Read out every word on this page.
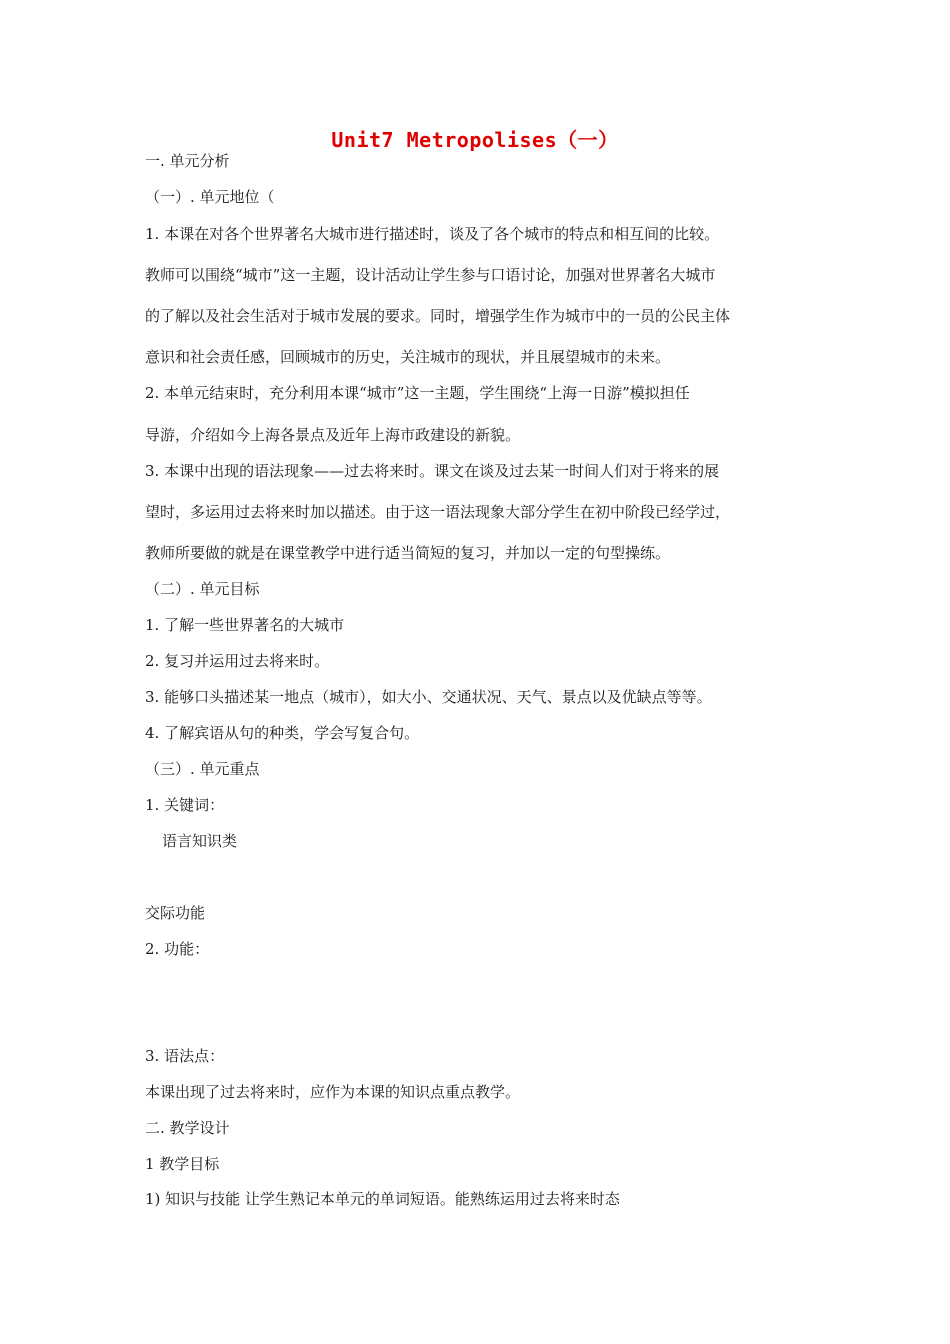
Unit7 Metropolises（一）
一. 单元分析
（一）. 单元地位（
1. 本课在对各个世界著名大城市进行描述时，谈及了各个城市的特点和相互间的比较。
教师可以围绕“城市”这一主题，设计活动让学生参与口语讨论，加强对世界著名大城市
的了解以及社会生活对于城市发展的要求。同时，增强学生作为城市中的一员的公民主体
意识和社会责任感，回顾城市的历史，关注城市的现状，并且展望城市的未来。
2. 本单元结束时，充分利用本课“城市”这一主题，学生围绕“上海一日游”模拟担任
导游，介绍如今上海各景点及近年上海市政建设的新貌。
3. 本课中出现的语法现象——过去将来时。课文在谈及过去某一时间人们对于将来的展
望时，多运用过去将来时加以描述。由于这一语法现象大部分学生在初中阶段已经学过，
教师所要做的就是在课堂教学中进行适当简短的复习，并加以一定的句型操练。
（二）. 单元目标
1. 了解一些世界著名的大城市
2. 复习并运用过去将来时。
3. 能够口头描述某一地点（城市），如大小、交通状况、天气、景点以及优缺点等等。
4. 了解宾语从句的种类，学会写复合句。
（三）. 单元重点
1. 关键词：
语言知识类
交际功能
2. 功能：
3. 语法点：
本课出现了过去将来时，应作为本课的知识点重点教学。
二. 教学设计
1 教学目标
1) 知识与技能 让学生熟记本单元的单词短语。能熟练运用过去将来时态
